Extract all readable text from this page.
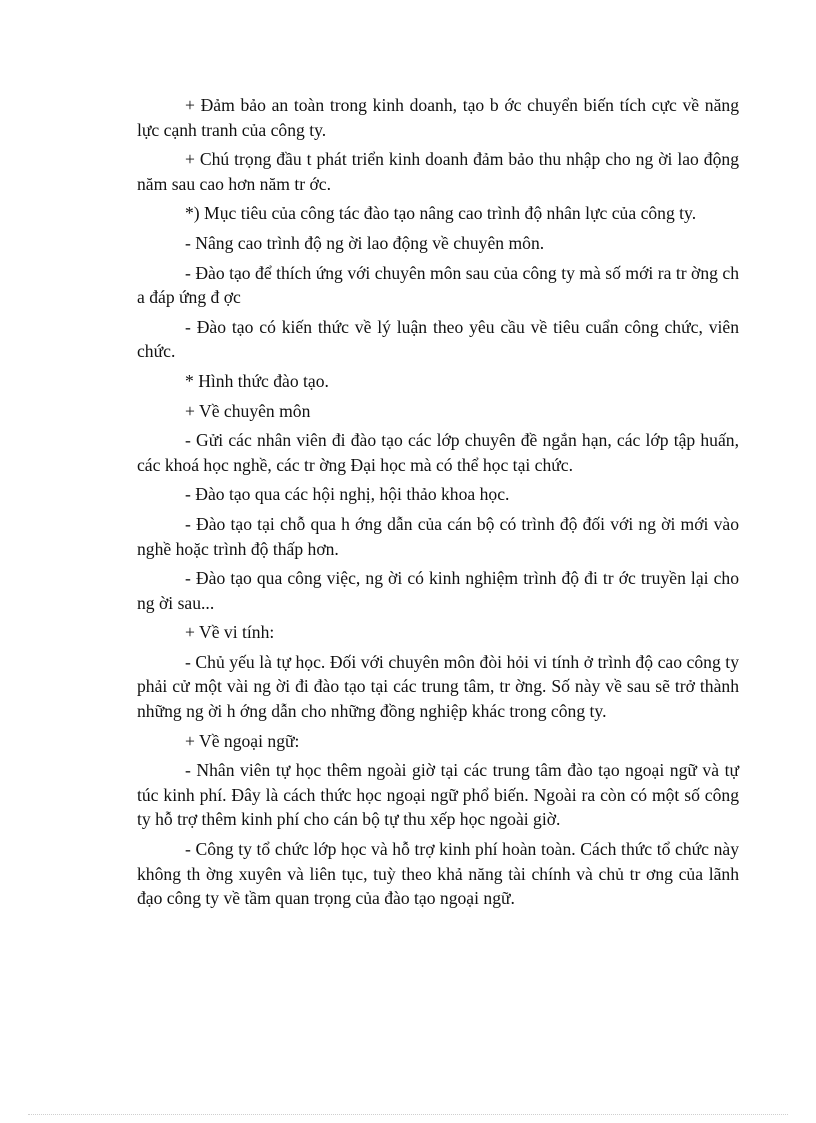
+ Đảm bảo an toàn trong kinh doanh, tạo b ớc chuyển biến tích cực về năng lực cạnh tranh của công ty.

+ Chú trọng đầu t phát triển kinh doanh đảm bảo thu nhập cho ng ời lao động năm sau cao hơn năm tr ớc.

*) Mục tiêu của công tác đào tạo nâng cao trình độ nhân lực của công ty.

- Nâng cao trình độ ng ời lao động về chuyên môn.

- Đào tạo để thích ứng với chuyên môn sau của công ty mà số mới ra tr ờng ch a đáp ứng đ ợc

- Đào tạo có kiến thức về lý luận theo yêu cầu về tiêu cuẩn công chức, viên chức.

* Hình thức đào tạo.

+ Về chuyên môn

- Gửi các nhân viên đi đào tạo các lớp chuyên đề ngắn hạn, các lớp tập huấn, các khoá học nghề, các tr ờng Đại học mà có thể học tại chức.

- Đào tạo qua các hội nghị, hội thảo khoa học.

- Đào tạo tại chỗ qua h ớng dẫn của cán bộ có trình độ đối với ng ời mới vào nghề hoặc trình độ thấp hơn.

- Đào tạo qua công việc, ng ời có kinh nghiệm trình độ đi tr ớc truyền lại cho ng ời sau...

+ Về vi tính:

- Chủ yếu là tự học. Đối với chuyên môn đòi hỏi vi tính ở trình độ cao công ty phải cử một vài ng ời đi đào tạo tại các trung tâm, tr ờng. Số này về sau sẽ trở thành những ng ời h ớng dẫn cho những đồng nghiệp khác trong công ty.

+ Về ngoại ngữ:

- Nhân viên tự học thêm ngoài giờ tại các trung tâm đào tạo ngoại ngữ và tự túc kinh phí. Đây là cách thức học ngoại ngữ phổ biến. Ngoài ra còn có một số công ty hỗ trợ thêm kinh phí cho cán bộ tự thu xếp học ngoài giờ.

- Công ty tổ chức lớp học và hỗ trợ kinh phí hoàn toàn. Cách thức tổ chức này không th ờng xuyên và liên tục, tuỳ theo khả năng tài chính và chủ tr ơng của lãnh đạo công ty về tầm quan trọng của đào tạo ngoại ngữ.
